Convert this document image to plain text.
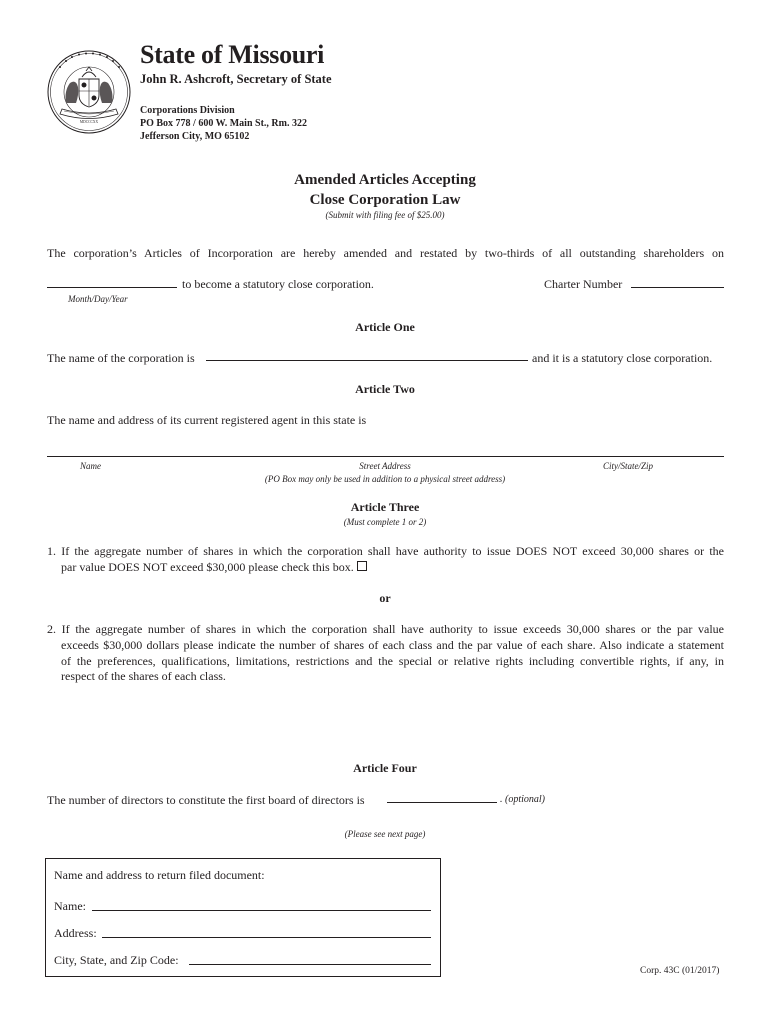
MDCCCXX
State of Missouri
John R. Ashcroft, Secretary of State
Corporations Division
PO Box 778 / 600 W. Main St., Rm. 322
Jefferson City, MO 65102
Amended Articles Accepting
Close Corporation Law
(Submit with filing fee of $25.00)
The corporation’s Articles of Incorporation are hereby amended and restated by two-thirds of all outstanding shareholders on
to become a statutory close corporation.	Charter Number
Month/Day/Year
Article One
The name of the corporation is	and it is a statutory close corporation.
Article Two
The name and address of its current registered agent in this state is
Name	Street Address	City/State/Zip
(PO Box may only be used in addition to a physical street address)
Article Three
(Must complete 1 or 2)
1. If the aggregate number of shares in which the corporation shall have authority to issue DOES NOT exceed 30,000 shares or the
par value DOES NOT exceed $30,000 please check this box.
or
2. If the aggregate number of shares in which the corporation shall have authority to issue exceeds 30,000 shares or the par value
exceeds $30,000 dollars please indicate the number of shares of each class and the par value of each share. Also indicate a statement
of the preferences, qualifications, limitations, restrictions and the special or relative rights including convertible rights, if any, in
respect of the shares of each class.
Article Four
The number of directors to constitute the first board of directors is	. (optional)
(Please see next page)
Name and address to return filed document:
Name:
Address:
City, State, and Zip Code:
Corp. 43C (01/2017)
